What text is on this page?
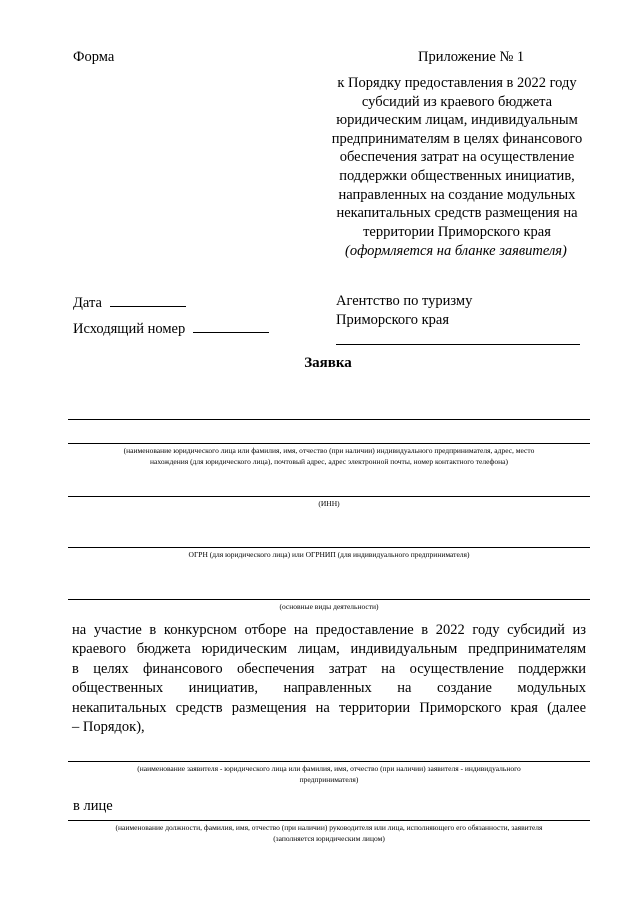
Форма	Приложение № 1
к Порядку предоставления в 2022 году
субсидий из краевого бюджета
юридическим лицам, индивидуальным
предпринимателям в целях финансового
обеспечения затрат на осуществление
поддержки общественных инициатив,
направленных на создание модульных
некапитальных средств размещения на
территории Приморского края
(оформляется на бланке заявителя)
Дата
Исходящий номер
Агентство по туризму
Приморского края
Заявка
(наименование юридического лица или фамилия, имя, отчество (при наличии) индивидуального предпринимателя, адрес, место
нахождения (для юридического лица), почтовый адрес, адрес электронной почты, номер контактного телефона)
(ИНН)
ОГРН (для юридического лица) или ОГРНИП (для индивидуального предпринимателя)
(основные виды деятельности)
на участие в конкурсном отборе на предоставление в 2022 году субсидий из
краевого бюджета юридическим лицам, индивидуальным предпринимателям
в целях финансового обеспечения затрат на осуществление поддержки
общественных инициатив, направленных на создание модульных
некапитальных средств размещения на территории Приморского края (далее
– Порядок),
(наименование заявителя - юридического лица или фамилия, имя, отчество (при наличии) заявителя - индивидуального
предпринимателя)
в лице
(наименование должности, фамилия, имя, отчество (при наличии) руководителя или лица, исполняющего его обязанности, заявителя
(заполняется юридическим лицом)
